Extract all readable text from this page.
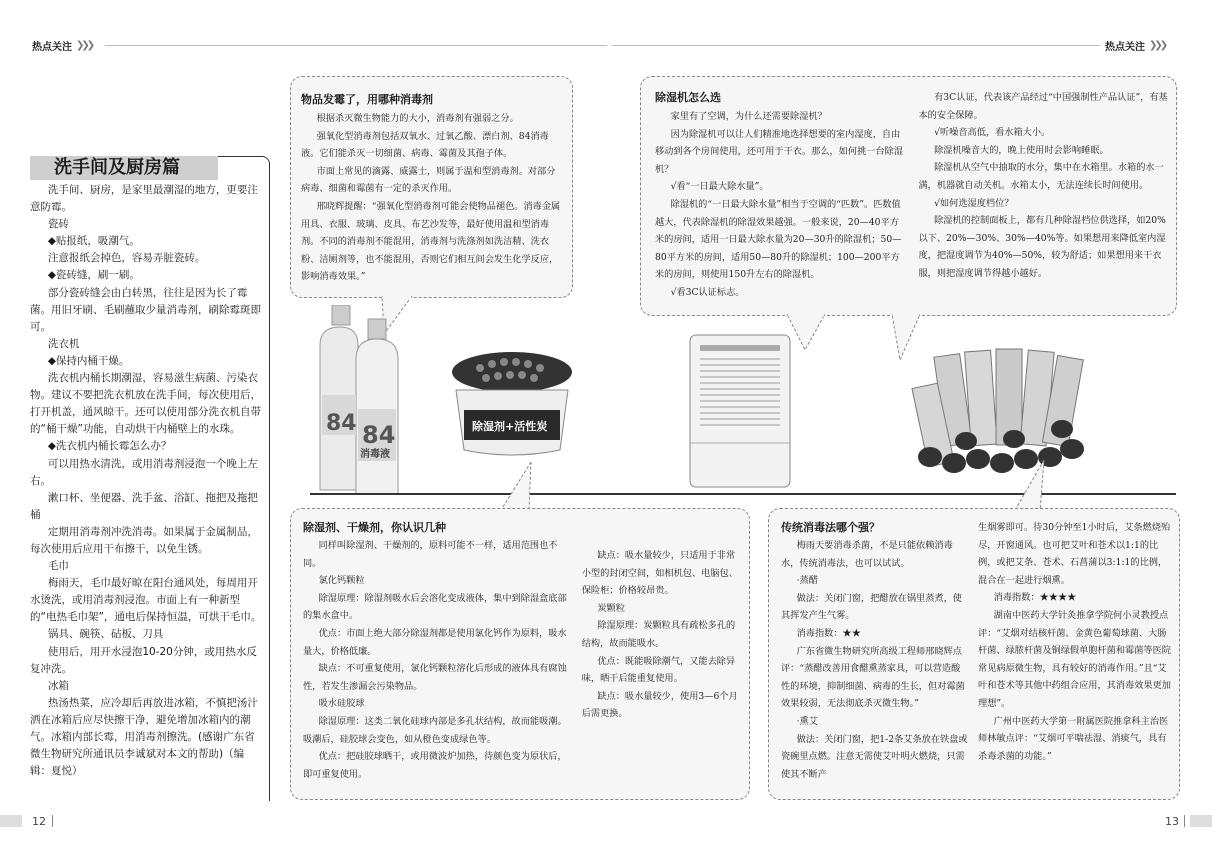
热点关注 ❯❯❯	热点关注 ❯❯❯
洗手间及厨房篇

洗手间、厨房，是家里最潮湿的地方，更要注意防霉。

瓷砖

◆贴报纸，吸潮气。

注意报纸会掉色，容易弄脏瓷砖。

◆瓷砖缝，刷一刷。

部分瓷砖缝会由白转黑，往往是因为长了霉菌。用旧牙刷、毛刷蘸取少量消毒剂，刷除霉斑即可。

洗衣机

◆保持内桶干燥。

洗衣机内桶长期潮湿，容易滋生病菌、污染衣物。建议不要把洗衣机放在洗手间，每次使用后，打开机盖，通风晾干。还可以使用部分洗衣机自带的“桶干燥”功能，自动烘干内桶壁上的水珠。

◆洗衣机内桶长霉怎么办？

可以用热水清洗，或用消毒剂浸泡一个晚上左右。

漱口杯、坐便器、洗手盆、浴缸、拖把及拖把桶

定期用消毒剂冲洗消毒。如果属于金属制品，每次使用后应用干布擦干，以免生锈。

毛巾

梅雨天，毛巾最好晾在阳台通风处，每周用开水烫洗，或用消毒剂浸泡。市面上有一种新型的“电热毛巾架”，通电后保持恒温，可烘干毛巾。

锅具、碗筷、砧板、刀具

使用后，用开水浸泡10-20分钟，或用热水反复冲洗。

冰箱

热汤热菜，应冷却后再放进冰箱，不慎把汤汁洒在冰箱后应尽快擦干净，避免增加冰箱内的潮气。冰箱内部长霉，用消毒剂擦洗。(感谢广东省微生物研究所通讯员李诚斌对本文的帮助)（编辑：夏悦）

物品发霉了，用哪种消毒剂

根据杀灭微生物能力的大小，消毒剂有强弱之分。

强氧化型消毒剂包括双氧水、过氧乙酸、漂白剂、84消毒液。它们能杀灭一切细菌、病毒、霉菌及其孢子体。

市面上常见的滴露、威露士，则属于温和型消毒剂。对部分病毒、细菌和霉菌有一定的杀灭作用。

邢晓辉提醒：“强氧化型消毒剂可能会使物品褪色。消毒金属用具、衣服、玻璃、皮具、布艺沙发等，最好使用温和型消毒剂。不同的消毒剂不能混用，消毒剂与洗涤剂如洗洁精、洗衣粉、洁厕剂等，也不能混用，否则它们相互间会发生化学反应，影响消毒效果。”

除湿机怎么选

家里有了空调，为什么还需要除湿机？

因为除湿机可以让人们精准地选择想要的室内湿度，自由移动到各个房间使用，还可用于干衣。那么，如何挑一台除湿机？

√看“一日最大除水量”。

除湿机的“一日最大除水量”相当于空调的“匹数”。匹数值越大，代表除湿机的除湿效果越强。一般来说，20—40平方米的房间，适用一日最大除水量为20—30升的除湿机；50—80平方米的房间，适用50—80升的除湿机；100—200平方米的房间，则使用150升左右的除湿机。

√看3C认证标志。

有3C认证，代表该产品经过“中国强制性产品认证”，有基本的安全保障。

√听噪音高低，看水箱大小。

除湿机噪音大的，晚上使用时会影响睡眠。

除湿机从空气中抽取的水分，集中在水箱里。水箱的水一满，机器就自动关机。水箱太小，无法连续长时间使用。

√如何选湿度档位？

除湿机的控制面板上，都有几种除湿档位供选择，如20%以下、20%—30%、30%—40%等。如果想用来降低室内湿度，把湿度调节为40%—50%，较为舒适；如果想用来干衣服，则把湿度调节得越小越好。

84 84
消毒液
除湿剂+活性炭
除湿剂、干燥剂，你认识几种

同样叫除湿剂、干燥剂的，原料可能不一样，适用范围也不同。

氯化钙颗粒

除湿原理：除湿剂吸水后会溶化变成液体，集中到除湿盒底部的集水盒中。

优点：市面上绝大部分除湿剂都是使用氯化钙作为原料，吸水量大，价格低廉。

缺点：不可重复使用，氯化钙颗粒溶化后形成的液体具有腐蚀性，若发生渗漏会污染物品。

吸水硅胶球

除湿原理：这类二氧化硅球内部是多孔状结构，故而能吸潮。吸潮后，硅胶球会变色，如从橙色变成绿色等。

优点：把硅胶球晒干，或用微波炉加热，待颜色变为原状后，即可重复使用。

缺点：吸水量较少，只适用于非常小型的封闭空间，如相机包、电脑包、保险柜；价格较昂贵。

炭颗粒

除湿原理：炭颗粒具有疏松多孔的结构，故而能吸水。

优点：既能吸除潮气，又能去除异味，晒干后能重复使用。

缺点：吸水量较少，使用3—6个月后需更换。

传统消毒法哪个强？

梅雨天要消毒杀菌，不是只能依赖消毒水，传统消毒法，也可以试试。

·蒸醋

做法：关闭门窗，把醋放在锅里蒸煮，使其挥发产生气雾。

消毒指数：★★

广东省微生物研究所高级工程师邢晓辉点评：“蒸醋改善用食醋熏蒸家具，可以营造酸性的环境，抑制细菌、病毒的生长，但对霉菌效果较弱，无法彻底杀灭微生物。”

·熏艾

做法：关闭门窗，把1-2条艾条放在铁盘或瓷碗里点燃。注意无需使艾叶明火燃烧，只需使其不断产

生烟雾即可。待30分钟至1小时后，艾条燃烧殆尽，开窗通风。也可把艾叶和苍术以1:1的比例，或把艾条、苍术、石菖蒲以3:1:1的比例，混合在一起进行烟熏。

消毒指数：★★★★

湖南中医药大学针灸推拿学院何小灵教授点评：“艾烟对结核杆菌、金黄色葡萄球菌、大肠杆菌、绿脓杆菌及铜绿假单胞杆菌和霉菌等医院常见病原微生物，具有较好的消毒作用。”且“艾叶和苍术等其他中药组合应用，其消毒效果更加理想”。

广州中医药大学第一附属医院推拿科主治医师林敏点评：“艾烟可平喘祛湿、消痰气，具有杀毒杀菌的功能。”

12	13
